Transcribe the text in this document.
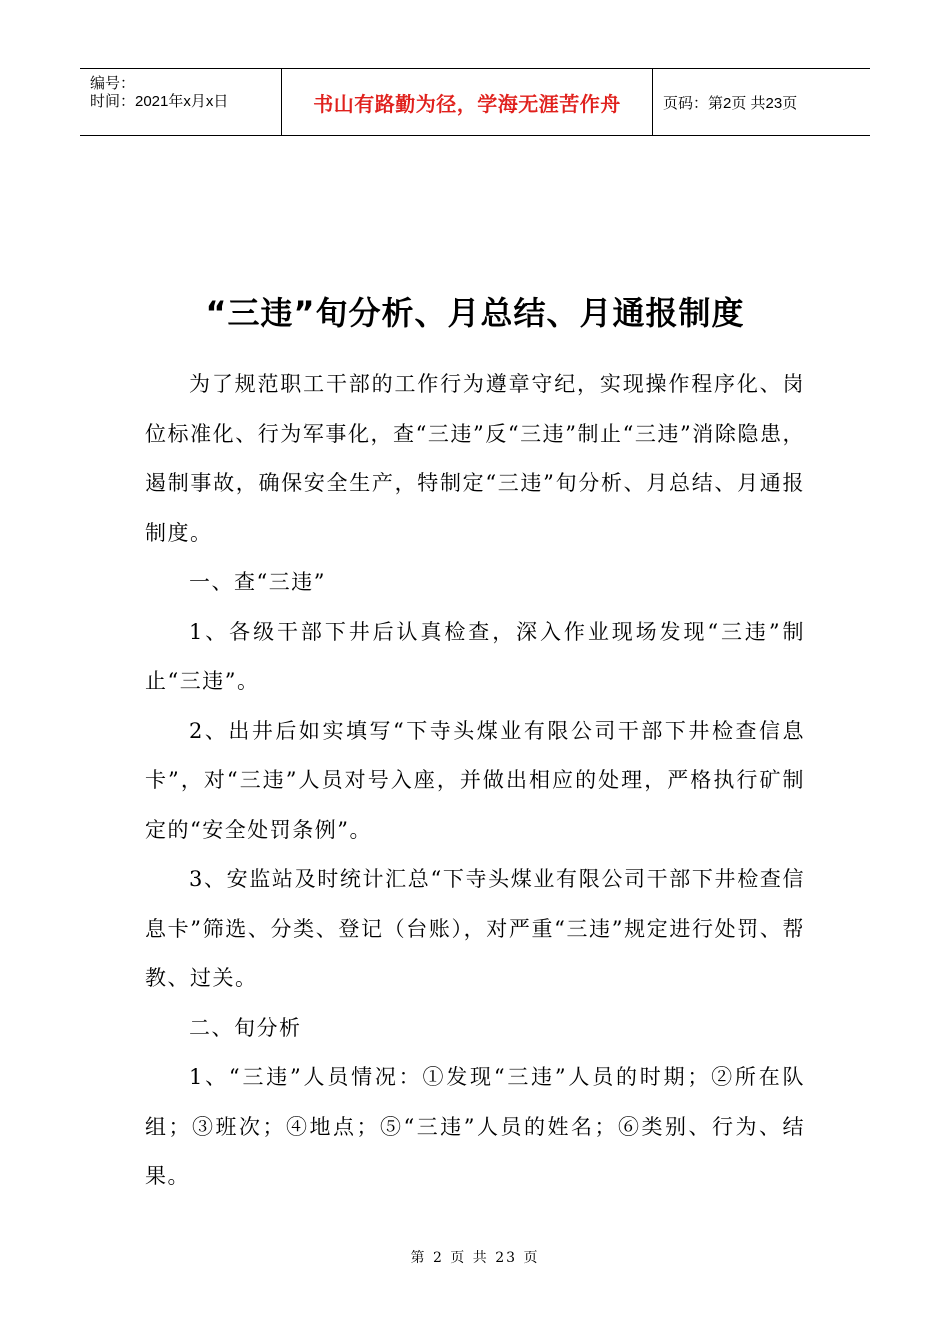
编号：
时间：2021年x月x日	书山有路勤为径，学海无涯苦作舟	页码：第2页 共23页
“三违”旬分析、月总结、月通报制度

为了规范职工干部的工作行为遵章守纪，实现操作程序化、岗位标准化、行为军事化，查“三违”反“三违”制止“三违”消除隐患，遏制事故，确保安全生产，特制定“三违”旬分析、月总结、月通报制度。

一、查“三违”

1、各级干部下井后认真检查，深入作业现场发现“三违”制止“三违”。

2、出井后如实填写“下寺头煤业有限公司干部下井检查信息卡”，对“三违”人员对号入座，并做出相应的处理，严格执行矿制定的“安全处罚条例”。

3、安监站及时统计汇总“下寺头煤业有限公司干部下井检查信息卡”筛选、分类、登记（台账），对严重“三违”规定进行处罚、帮教、过关。

二、旬分析

1、“三违”人员情况：①发现“三违”人员的时期；②所在队组；③班次；④地点；⑤“三违”人员的姓名；⑥类别、行为、结果。

第 2 页 共 23 页
